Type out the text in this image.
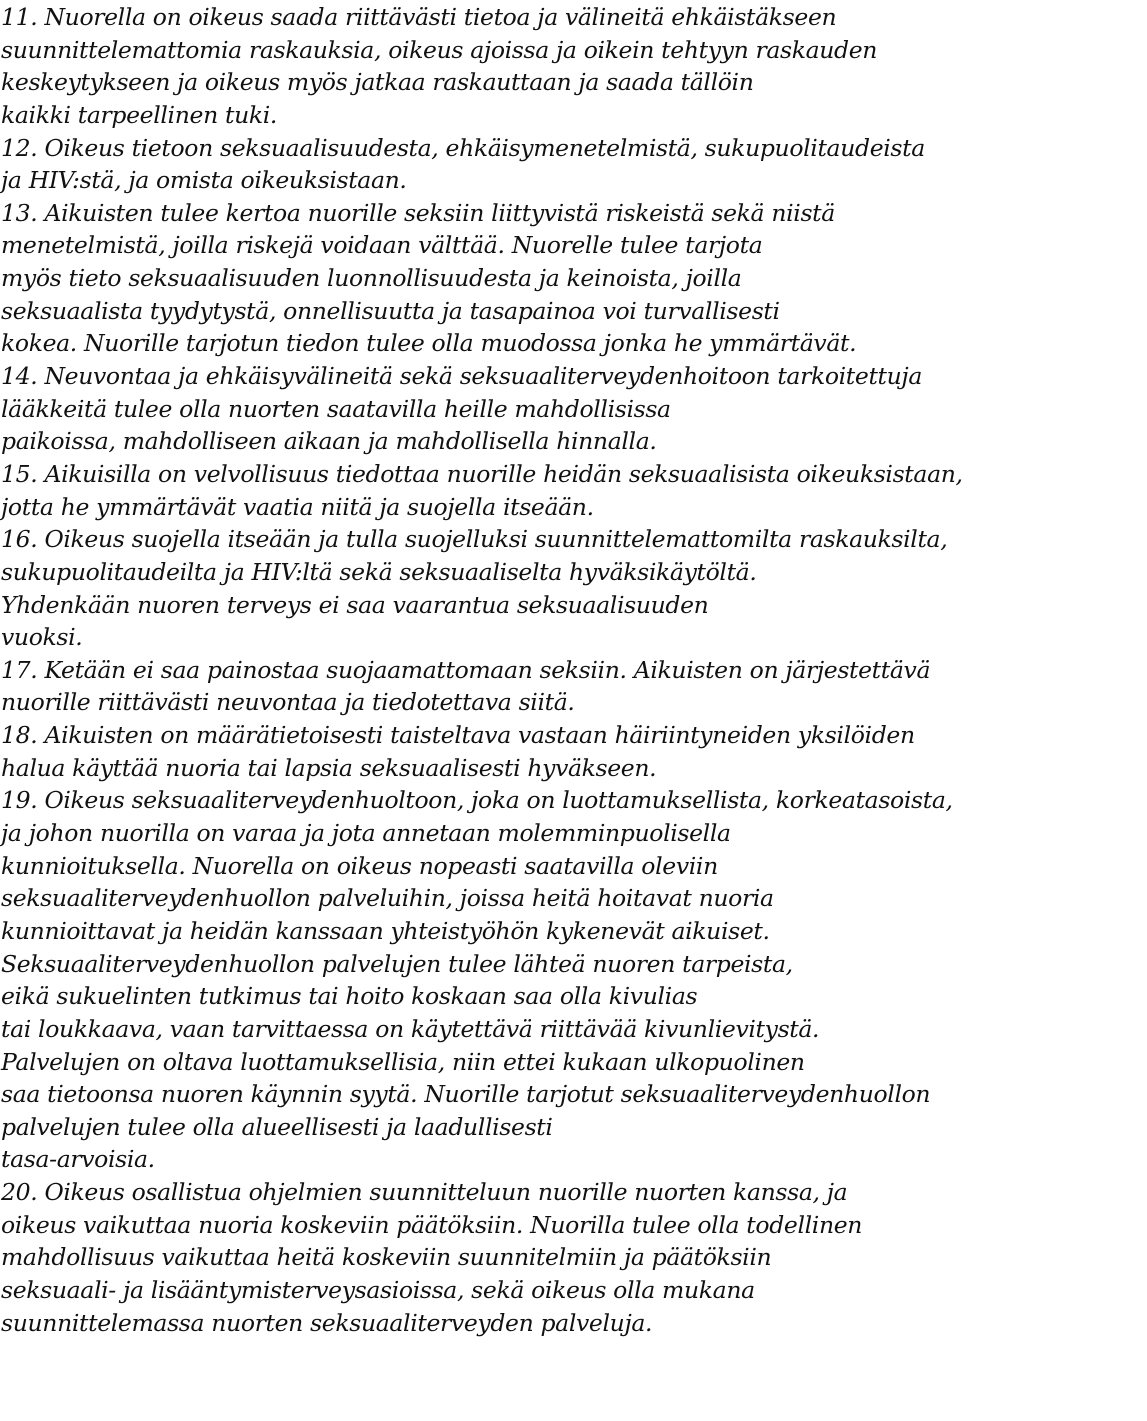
11. Nuorella on oikeus saada riittävästi tietoa ja välineitä ehkäistäkseen
suunnittelemattomia raskauksia, oikeus ajoissa ja oikein tehtyyn raskauden
keskeytykseen ja oikeus myös jatkaa raskauttaan ja saada tällöin
kaikki tarpeellinen tuki.
12. Oikeus tietoon seksuaalisuudesta, ehkäisymenetelmistä, sukupuolitaudeista
ja HIV:stä, ja omista oikeuksistaan.
13. Aikuisten tulee kertoa nuorille seksiin liittyvistä riskeistä sekä niistä
menetelmistä, joilla riskejä voidaan välttää. Nuorelle tulee tarjota
myös tieto seksuaalisuuden luonnollisuudesta ja keinoista, joilla
seksuaalista tyydytystä, onnellisuutta ja tasapainoa voi turvallisesti
kokea. Nuorille tarjotun tiedon tulee olla muodossa jonka he ymmärtävät.
14. Neuvontaa ja ehkäisyvälineitä sekä seksuaaliterveydenhoitoon tarkoitettuja
lääkkeitä tulee olla nuorten saatavilla heille mahdollisissa
paikoissa, mahdolliseen aikaan ja mahdollisella hinnalla.
15. Aikuisilla on velvollisuus tiedottaa nuorille heidän seksuaalisista oikeuksistaan,
jotta he ymmärtävät vaatia niitä ja suojella itseään.
16. Oikeus suojella itseään ja tulla suojelluksi suunnittelemattomilta raskauksilta,
sukupuolitaudeilta ja HIV:ltä sekä seksuaaliselta hyväksikäytöltä.
Yhdenkään nuoren terveys ei saa vaarantua seksuaalisuuden
vuoksi.
17. Ketään ei saa painostaa suojaamattomaan seksiin. Aikuisten on järjestettävä
nuorille riittävästi neuvontaa ja tiedotettava siitä.
18. Aikuisten on määrätietoisesti taisteltava vastaan häiriintyneiden yksilöiden
halua käyttää nuoria tai lapsia seksuaalisesti hyväkseen.
19. Oikeus seksuaaliterveydenhuoltoon, joka on luottamuksellista, korkeatasoista,
ja johon nuorilla on varaa ja jota annetaan molemminpuolisella
kunnioituksella. Nuorella on oikeus nopeasti saatavilla oleviin
seksuaaliterveydenhuollon palveluihin, joissa heitä hoitavat nuoria
kunnioittavat ja heidän kanssaan yhteistyöhön kykenevät aikuiset.
Seksuaaliterveydenhuollon palvelujen tulee lähteä nuoren tarpeista,
eikä sukuelinten tutkimus tai hoito koskaan saa olla kivulias
tai loukkaava, vaan tarvittaessa on käytettävä riittävää kivunlievitystä.
Palvelujen on oltava luottamuksellisia, niin ettei kukaan ulkopuolinen
saa tietoonsa nuoren käynnin syytä. Nuorille tarjotut seksuaaliterveydenhuollon
palvelujen tulee olla alueellisesti ja laadullisesti
tasa-arvoisia.
20. Oikeus osallistua ohjelmien suunnitteluun nuorille nuorten kanssa, ja
oikeus vaikuttaa nuoria koskeviin päätöksiin. Nuorilla tulee olla todellinen
mahdollisuus vaikuttaa heitä koskeviin suunnitelmiin ja päätöksiin
seksuaali- ja lisääntymisterveysasioissa, sekä oikeus olla mukana
suunnittelemassa nuorten seksuaaliterveyden palveluja.
